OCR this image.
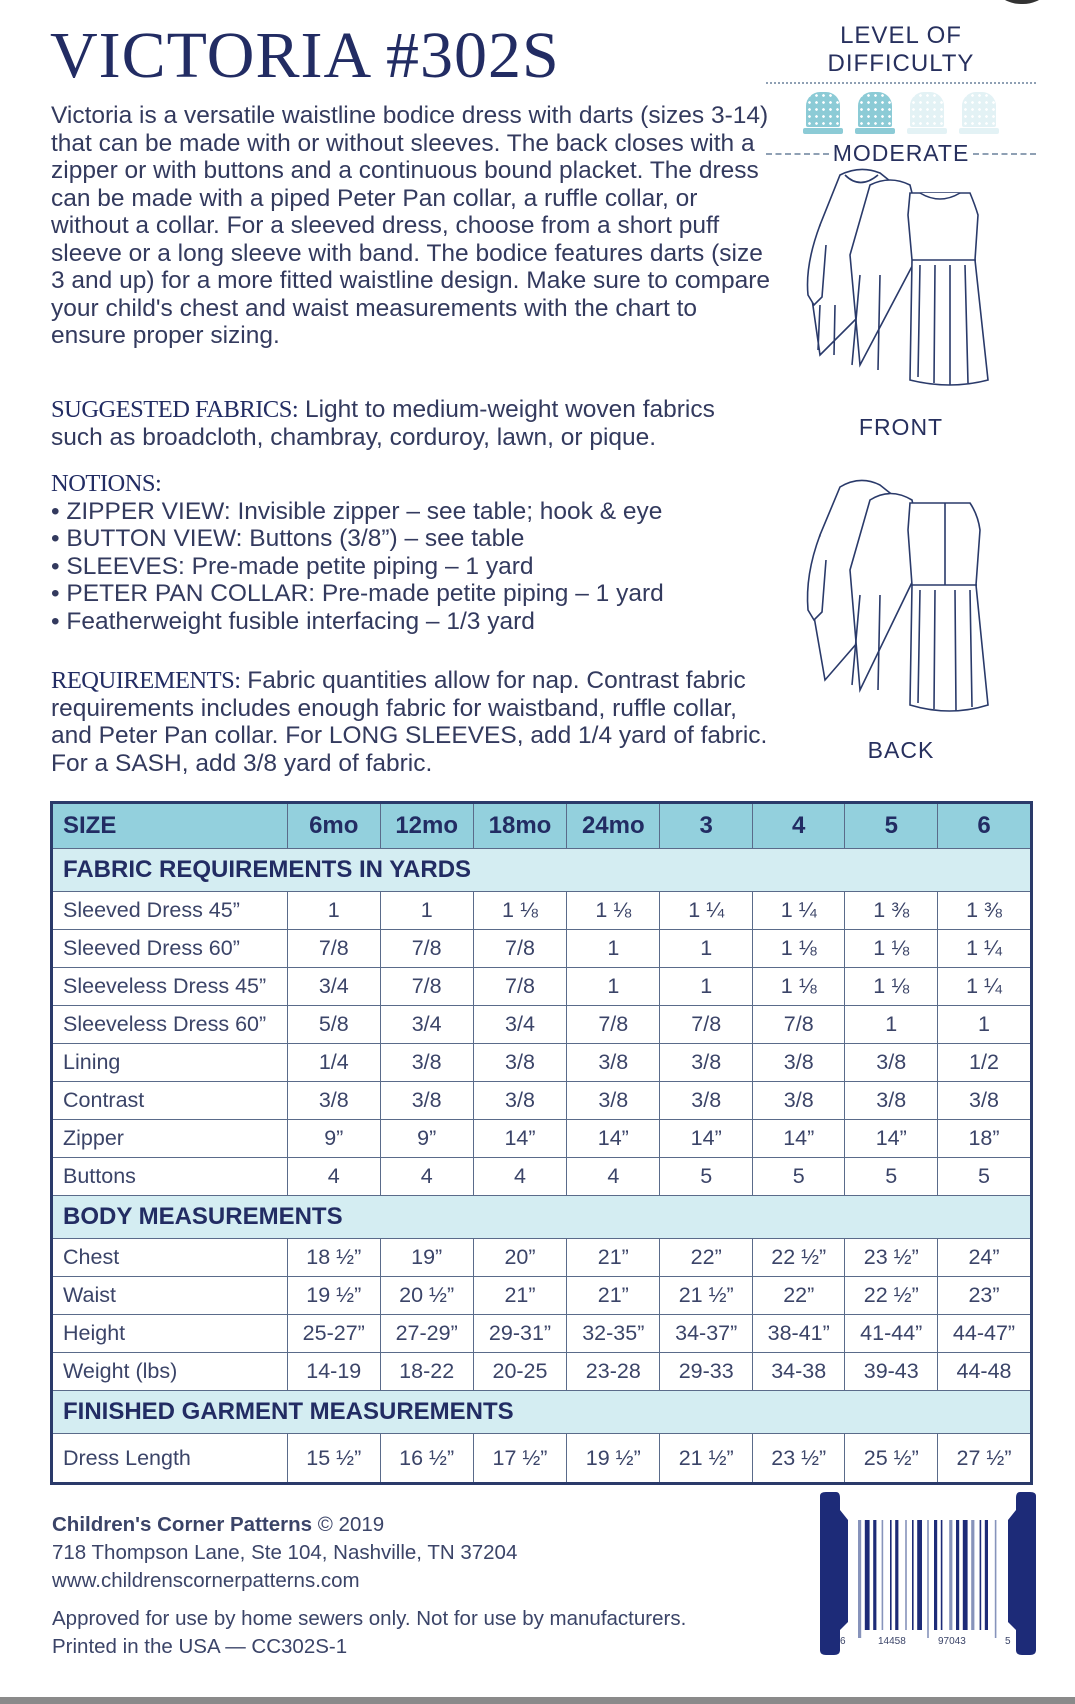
VICTORIA #302S

Victoria is a versatile waistline bodice dress with darts (sizes 3-14) that can be made with or without sleeves. The back closes with a zipper or with buttons and a continuous bound placket. The dress can be made with a piped Peter Pan collar, a ruffle collar, or without a collar. For a sleeved dress, choose from a short puff sleeve or a long sleeve with band. The bodice features darts (size 3 and up) for a more fitted waistline design. Make sure to compare your child's chest and waist measurements with the chart to ensure proper sizing.

SUGGESTED FABRICS: Light to medium-weight woven fabrics such as broadcloth, chambray, corduroy, lawn, or pique.

NOTIONS:
• ZIPPER VIEW: Invisible zipper – see table; hook & eye
• BUTTON VIEW: Buttons (3/8”) – see table
• SLEEVES: Pre-made petite piping – 1 yard
• PETER PAN COLLAR: Pre-made petite piping – 1 yard
• Featherweight fusible interfacing – 1/3 yard

REQUIREMENTS: Fabric quantities allow for nap. Contrast fabric requirements includes enough fabric for waistband, ruffle collar, and Peter Pan collar. For LONG SLEEVES, add 1/4 yard of fabric. For a SASH, add 3/8 yard of fabric.

LEVEL OF DIFFICULTY
MODERATE
FRONT
BACK
SIZE	6mo	12mo	18mo	24mo	3	4	5	6
FABRIC REQUIREMENTS IN YARDS								
Sleeved Dress 45”	1	1	1 ⅛	1 ⅛	1 ¼	1 ¼	1 ⅜	1 ⅜
Sleeved Dress 60”	7/8	7/8	7/8	1	1	1 ⅛	1 ⅛	1 ¼
Sleeveless Dress 45”	3/4	7/8	7/8	1	1	1 ⅛	1 ⅛	1 ¼
Sleeveless Dress 60”	5/8	3/4	3/4	7/8	7/8	7/8	1	1
Lining	1/4	3/8	3/8	3/8	3/8	3/8	3/8	1/2
Contrast	3/8	3/8	3/8	3/8	3/8	3/8	3/8	3/8
Zipper	9”	9”	14”	14”	14”	14”	14”	18”
Buttons	4	4	4	4	5	5	5	5
BODY MEASUREMENTS								
Chest	18 ½”	19”	20”	21”	22”	22 ½”	23 ½”	24”
Waist	19 ½”	20 ½”	21”	21”	21 ½”	22”	22 ½”	23”
Height	25-27”	27-29”	29-31”	32-35”	34-37”	38-41”	41-44”	44-47”
Weight (lbs)	14-19	18-22	20-25	23-28	29-33	34-38	39-43	44-48
FINISHED GARMENT MEASUREMENTS								
Dress Length	15 ½”	16 ½”	17 ½”	19 ½”	21 ½”	23 ½”	25 ½”	27 ½”
Children's Corner Patterns © 2019
718 Thompson Lane, Ste 104, Nashville, TN 37204
www.childrenscornerpatterns.com
Approved for use by home sewers only. Not for use by manufacturers.
Printed in the USA — CC302S-1	6	14458	97043	5
